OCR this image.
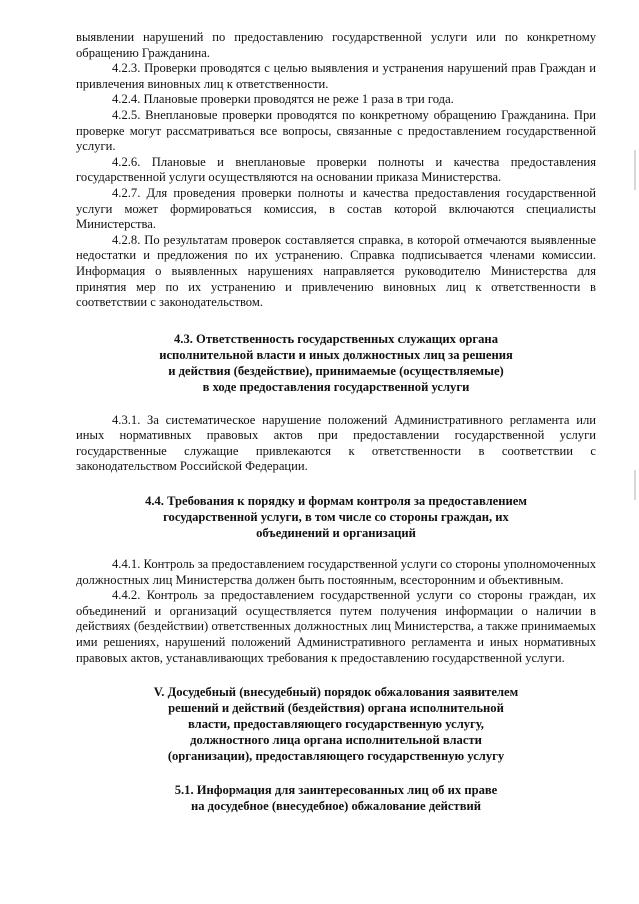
выявлении нарушений по предоставлению государственной услуги или по конкретному обращению Гражданина.

4.2.3. Проверки проводятся с целью выявления и устранения нарушений прав Граждан и привлечения виновных лиц к ответственности.

4.2.4. Плановые проверки проводятся не реже 1 раза в три года.

4.2.5. Внеплановые проверки проводятся по конкретному обращению Гражданина. При проверке могут рассматриваться все вопросы, связанные с предоставлением государственной услуги.

4.2.6. Плановые и внеплановые проверки полноты и качества предоставления государственной услуги осуществляются на основании приказа Министерства.

4.2.7. Для проведения проверки полноты и качества предоставления государственной услуги может формироваться комиссия, в состав которой включаются специалисты Министерства.

4.2.8. По результатам проверок составляется справка, в которой отмечаются выявленные недостатки и предложения по их устранению. Справка подписывается членами комиссии. Информация о выявленных нарушениях направляется руководителю Министерства для принятия мер по их устранению и привлечению виновных лиц к ответственности в соответствии с законодательством.

4.3. Ответственность государственных служащих органа
исполнительной власти и иных должностных лиц за решения
и действия (бездействие), принимаемые (осуществляемые)
в ходе предоставления государственной услуги

4.3.1. За систематическое нарушение положений Административного регламента или иных нормативных правовых актов при предоставлении государственной услуги государственные служащие привлекаются к ответственности в соответствии с законодательством Российской Федерации.

4.4. Требования к порядку и формам контроля за предоставлением
государственной услуги, в том числе со стороны граждан, их
объединений и организаций

4.4.1. Контроль за предоставлением государственной услуги со стороны уполномоченных должностных лиц Министерства должен быть постоянным, всесторонним и объективным.

4.4.2. Контроль за предоставлением государственной услуги со стороны граждан, их объединений и организаций осуществляется путем получения информации о наличии в действиях (бездействии) ответственных должностных лиц Министерства, а также принимаемых ими решениях, нарушений положений Административного регламента и иных нормативных правовых актов, устанавливающих требования к предоставлению государственной услуги.

V. Досудебный (внесудебный) порядок обжалования заявителем
решений и действий (бездействия) органа исполнительной
власти, предоставляющего государственную услугу,
должностного лица органа исполнительной власти
(организации), предоставляющего государственную услугу
5.1. Информация для заинтересованных лиц об их праве
на досудебное (внесудебное) обжалование действий
